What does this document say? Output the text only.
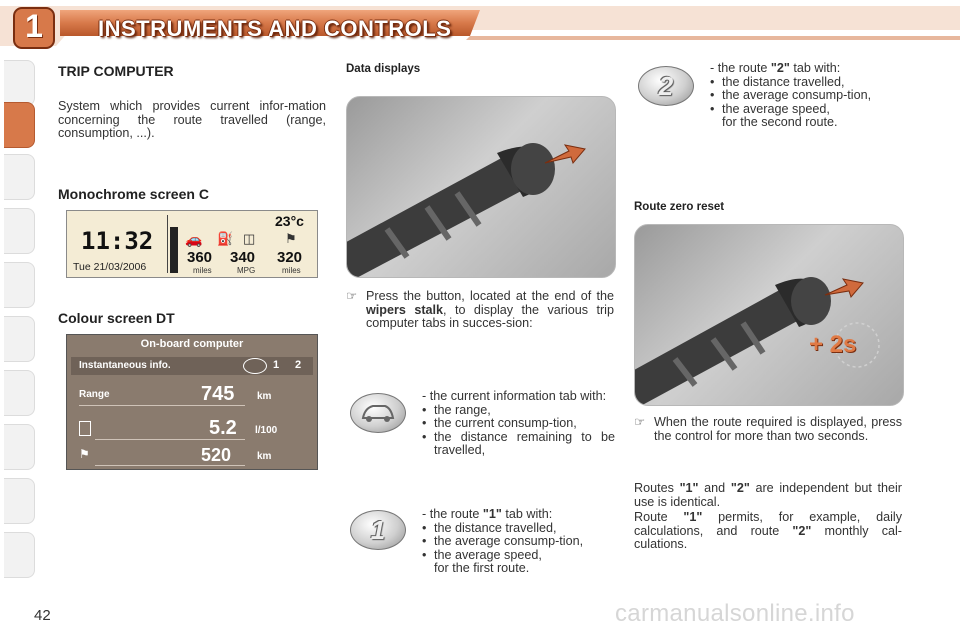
1	INSTRUMENTS AND CONTROLS
TRIP COMPUTER
System which provides current infor-mation concerning the route travelled (range, consumption, ...).
Monochrome screen C
11:32
Tue 21/03/2006
23°c
🚗 ⛽ ◫ ⚑
360 340 320
miles	MPG	miles
Colour screen DT
On-board computer
Instantaneous info.	1 2
Range	745 km
5.2 l/100
⚑	520	km
Data displays
☞ Press the button, located at the end of the wipers stalk, to display the various trip computer tabs in succes-sion:
- the current information tab with:
• the range,
• the current consump-tion,
• the distance remaining to be travelled,
1
- the route "1" tab with:
• the distance travelled,
• the average consump-tion,
• the average speed,
for the first route.
2
- the route "2" tab with:
• the distance travelled,
• the average consump-tion,
• the average speed,
for the second route.
Route zero reset
+ 2s
☞ When the route required is displayed, press the control for more than two seconds.
Routes "1" and "2" are independent but their use is identical.
Route "1" permits, for example, daily calculations, and route "2" monthly cal-culations.
42	carmanualsonline.info
